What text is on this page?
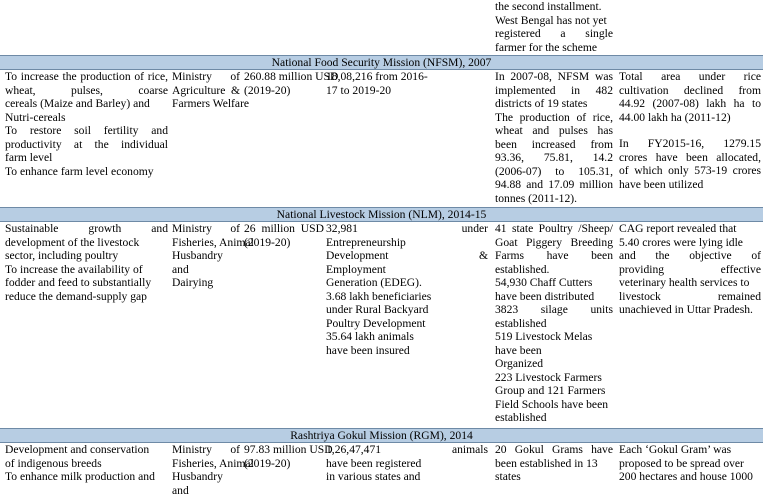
the second installment.
West Bengal has not yet
registered a single
farmer for the scheme
National Food Security Mission (NFSM), 2007
To increase the production of rice, wheat, pulses, coarse
cereals (Maize and Barley) and
Nutri-cereals
To restore soil fertility and
productivity at the individual
farm level
To enhance farm level economy
Ministry of
Agriculture &
Farmers Welfare
260.88 million USD
(2019-20)
18,08,216 from 2016-
17 to 2019-20
In 2007-08, NFSM was
implemented in 482
districts of 19 states
The production of rice,
wheat and pulses has
been increased from
93.36, 75.81, 14.2
(2006-07) to 105.31,
94.88 and 17.09 million
tonnes (2011-12).
Total area under rice
cultivation declined from
44.92 (2007-08) lakh ha to
44.00 lakh ha (2011-12)
In FY2015-16, 1279.15
crores have been allocated,
of which only 573-19 crores
have been utilized
National Livestock Mission (NLM), 2014-15
Sustainable growth and
development of the livestock
sector, including poultry
To increase the availability of
fodder and feed to substantially
reduce the demand-supply gap
Ministry of
Fisheries, Animal
Husbandry and
Dairying
26 million USD
(2019-20)
32,981 under
Entrepreneurship
Development &
Employment
Generation (EDEG).
3.68 lakh beneficiaries
under Rural Backyard
Poultry Development
35.64 lakh animals
have been insured
41 state Poultry /Sheep/
Goat Piggery Breeding
Farms have been
established.
54,930 Chaff Cutters
have been distributed
3823 silage units
established
519 Livestock Melas
have been
Organized
223 Livestock Farmers
Group and 121 Farmers
Field Schools have been
established
CAG report revealed that
5.40 crores were lying idle
and the objective of
providing effective
veterinary health services to
livestock remained
unachieved in Uttar Pradesh.
Rashtriya Gokul Mission (RGM), 2014
Development and conservation
of indigenous breeds
To enhance milk production and
Ministry of
Fisheries, Animal
Husbandry and
97.83 million USD
(2019-20)
1,26,47,471 animals
have been registered
in various states and
20 Gokul Grams have
been established in 13
states
Each ‘Gokul Gram’ was
proposed to be spread over
200 hectares and house 1000
